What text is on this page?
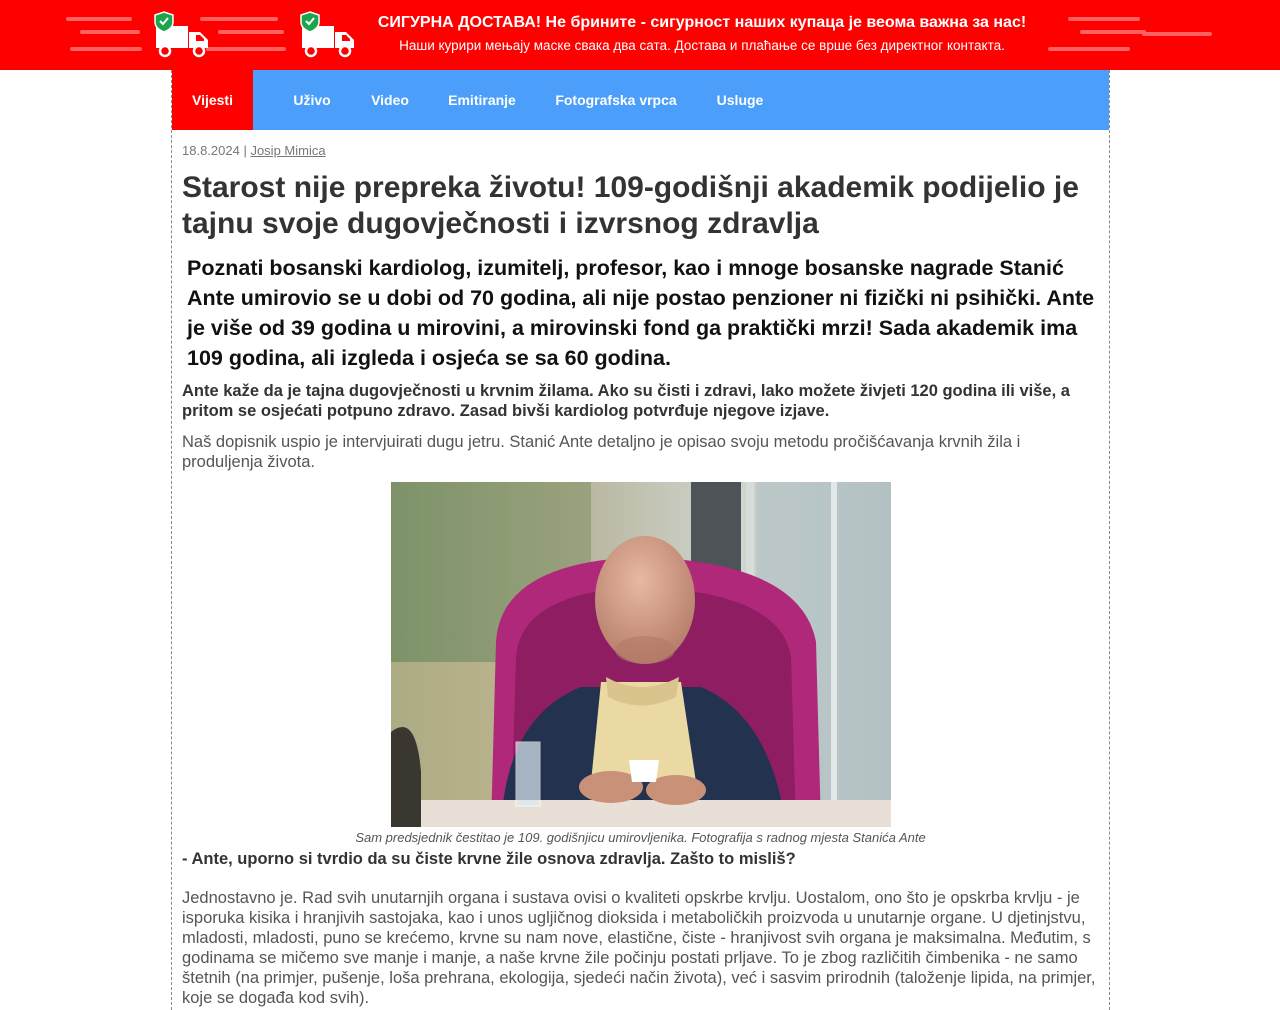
СИГУРНА ДОСТАВА! Не брините - сигурност наших купаца је веома важна за нас!
Наши курири мењају маске свака два сата. Достава и плаћање се врше без директног контакта.
Vijesti	Uživo	Video	Emitiranje	Fotografska vrpca	Usluge
18.8.2024 | Josip Mimica
Starost nije prepreka životu! 109-godišnji akademik podijelio je tajnu svoje dugovječnosti i izvrsnog zdravlja

Poznati bosanski kardiolog, izumitelj, profesor, kao i mnoge bosanske nagrade Stanić Ante umirovio se u dobi od 70 godina, ali nije postao penzioner ni fizički ni psihički. Ante je više od 39 godina u mirovini, a mirovinski fond ga praktički mrzi! Sada akademik ima 109 godina, ali izgleda i osjeća se sa 60 godina.

Ante kaže da je tajna dugovječnosti u krvnim žilama. Ako su čisti i zdravi, lako možete živjeti 120 godina ili više, a pritom se osjećati potpuno zdravo. Zasad bivši kardiolog potvrđuje njegove izjave.

Naš dopisnik uspio je intervjuirati dugu jetru. Stanić Ante detaljno je opisao svoju metodu pročišćavanja krvnih žila i produljenja života.

Sam predsjednik čestitao je 109. godišnjicu umirovljenika. Fotografija s radnog mjesta Stanića Ante

- Ante, uporno si tvrdio da su čiste krvne žile osnova zdravlja. Zašto to misliš?

Jednostavno je. Rad svih unutarnjih organa i sustava ovisi o kvaliteti opskrbe krvlju. Uostalom, ono što je opskrba krvlju - je isporuka kisika i hranjivih sastojaka, kao i unos ugljičnog dioksida i metaboličkih proizvoda u unutarnje organe. U djetinjstvu, mladosti, mladosti, puno se krećemo, krvne su nam nove, elastične, čiste - hranjivost svih organa je maksimalna. Međutim, s godinama se mičemo sve manje i manje, a naše krvne žile počinju postati prljave. To je zbog različitih čimbenika - ne samo štetnih (na primjer, pušenje, loša prehrana, ekologija, sjedeći način života), već i sasvim prirodnih (taloženje lipida, na primjer, koje se događa kod svih).
